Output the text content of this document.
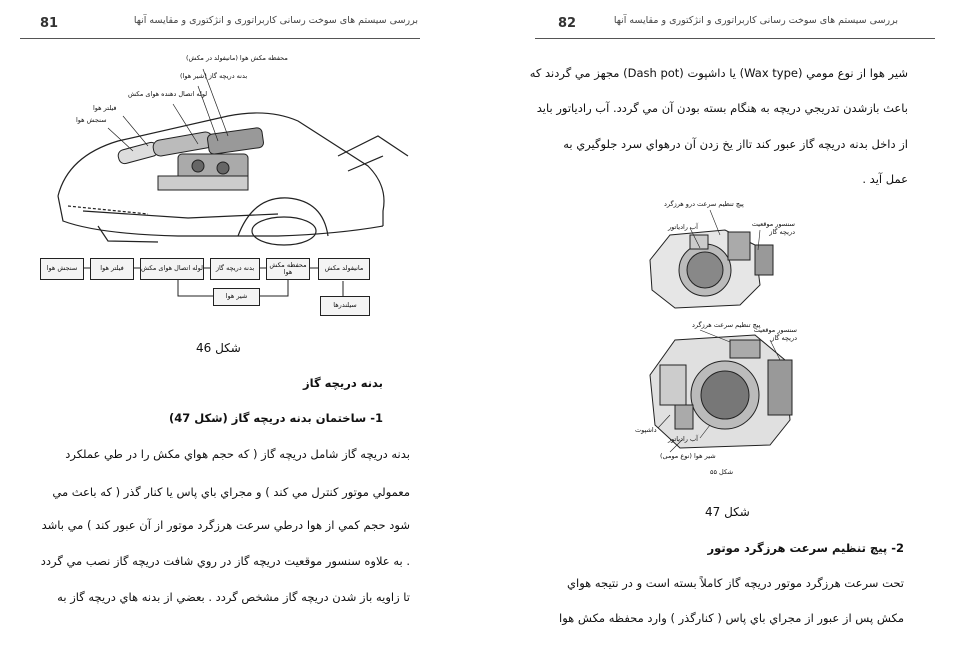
81	بررسی سیستم های سوخت رسانی کاربراتوری و انژکتوری و مقایسه آنها
محفظه مکش هوا (مانیفولد در مکش)
بدنه دریچه گاز (شیر هوا)
لوله اتصال دهنده هوای مکش
فیلتر هوا
سنجش هوا
سنجش هوا	فیلتر هوا	لوله اتصال هوای مکش	بدنه دریچه گاز	محفظه مکش هوا	مانیفولد مکش
شیر هوا
سیلندرها
شکل 46
بدنه دریچه گاز
1- ساختمان بدنه دریچه گاز (شکل 47)
بدنه دريچه گاز شامل دريچه گاز ( كه حجم هواي مكش را در طي عملكرد
معمولي موتور كنترل مي كند ) و مجراي باي پاس يا كنار گذر ( كه باعث مي
شود حجم كمي از هوا درطي سرعت هرزگرد موتور از آن عبور كند ) مي باشد
. به علاوه سنسور موقعيت دريچه گاز در روي شافت دريچه گاز نصب مي گردد
تا زاويه باز شدن دريچه گاز مشخص گردد . بعضي از بدنه هاي دريچه گاز به
82	بررسی سیستم های سوخت رسانی کاربراتوری و انژکتوری و مقایسه آنها
شير هوا از نوع مومي (Wax type) يا داشپوت (Dash pot) مجهز مي گردند كه
باعث بازشدن تدريجي دريچه به هنگام بسته بودن آن مي گردد. آب رادياتور بايد
از داخل بدنه دريچه گاز عبور كند تااز يخ زدن آن درهواي سرد جلوگيري به
عمل آيد .
پیچ تنظیم سرعت درو هرزگرد
آب رادیاتور	سنسور موقعیت دریچه گاز
پیچ تنظیم سرعت هرزگرد
سنسور موقعیت دریچه گاز
داشپوت
آب رادیاتور
شیر هوا (نوع مومی)
شکل ۵۵
شکل 47
2- پيچ تنظيم سرعت هرزگرد موتور
تحت سرعت هرزگرد موتور دريچه گاز كاملاً بسته است و در نتيجه هواي
مكش پس از عبور از مجراي باي پاس ( كنارگذر ) وارد محفظه مكش هوا
